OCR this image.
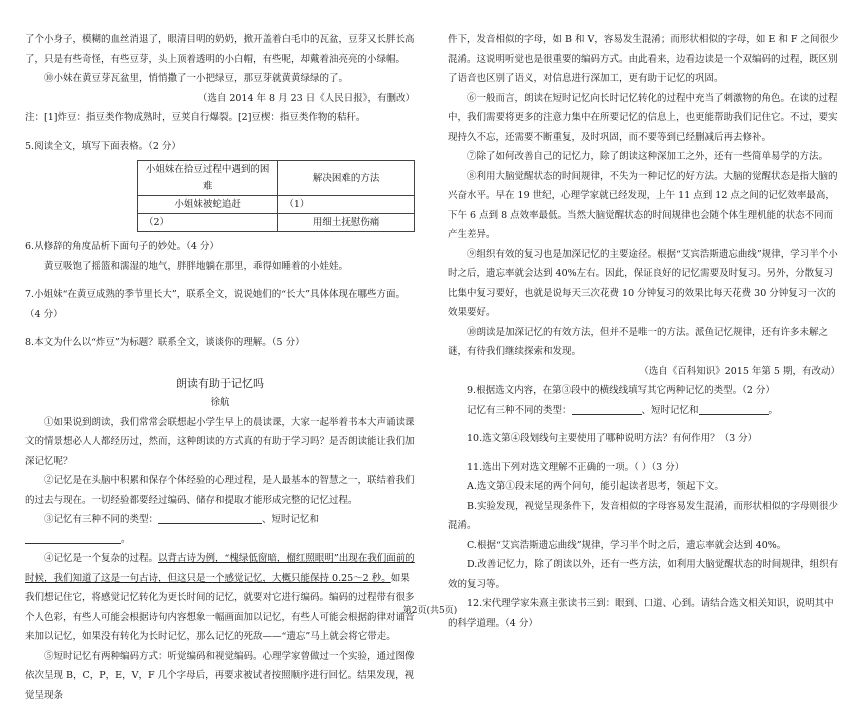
了个小身子，模糊的血丝消退了，眼清目明的奶奶，掀开盖着白毛巾的瓦盆，豆芽又长胖长高了，只是有些奇怪，有些豆芽，头上顶着透明的小白帽，有些呢，却戴着油亮亮的小绿帽。

⑩小妹在黄豆芽瓦盆里，悄悄撒了一小把绿豆，那豆芽就黄黄绿绿的了。

（选自 2014 年 8 月 23 日《人民日报》，有删改）

注：[1]炸豆：指豆类作物成熟时，豆荚自行爆裂。[2]豆楔：指豆类作物的秸秆。

5.阅读全文，填写下面表格。（2 分）

小姐妹在拾豆过程中遇到的困难	解决困难的方法
小姐妹被蛇追赶	（1）
（2）	用细土抚慰伤痛

6.从修辞的角度品析下面句子的妙处。（4 分）

黄豆吸饱了摇篮和濡湿的地气，胖胖地躺在那里，乖得如睡着的小娃娃。

7.小姐妹“在黄豆成熟的季节里长大”，联系全文，说说她们的“长大”具体体现在哪些方面。（4 分）

8.本文为什么以“炸豆”为标题？联系全文，谈谈你的理解。（5 分）

朗读有助于记忆吗

徐航

①如果说到朗读，我们常常会联想起小学生早上的晨读课，大家一起举着书本大声诵读课文的情景想必人人都经历过，然而，这种朗读的方式真的有助于学习吗？是否朗读能让我们加深记忆呢？

②记忆是在头脑中积累和保存个体经验的心理过程，是人最基本的智慧之一，联结着我们的过去与现在。一切经验都要经过编码、储存和提取才能形成完整的记忆过程。

③记忆有三种不同的类型：	、短时记忆和。

④记忆是一个复杂的过程。以背古诗为例，“槐绿低窗暗，榴红照眼明”出现在我们面前的时候，我们知道了这是一句古诗，但这只是一个感觉记忆，大概只能保持 0.25～2 秒。如果我们想记住它，将感觉记忆转化为更长时间的记忆，就要对它进行编码。编码的过程带有很多个人色彩，有些人可能会根据诗句内容想象一幅画面加以记忆，有些人可能会根据韵律对诵音来加以记忆，如果没有转化为长时记忆，那么记忆的死敌——“遗忘”马上就会将它带走。

⑤短时记忆有两种编码方式：听觉编码和视觉编码。心理学家曾做过一个实验，通过图像依次呈现 B，C，P，E，V，F 几个字母后，再要求被试者按照顺序进行回忆。结果发现，视觉呈现条

件下，发音相似的字母，如 B 和 V，容易发生混淆；而形状相似的字母，如 E 和 F 之间很少混淆。这说明听觉也是很重要的编码方式。由此看来，边看边读是一个双编码的过程，既区别了语音也区别了语义，对信息进行深加工，更有助于记忆的巩固。

⑥一般而言，朗读在短时记忆向长时记忆转化的过程中充当了刺激物的角色。在读的过程中，我们需要将更多的注意力集中在所要记忆的信息上，也更能帮助我们记住它。不过，要实现持久不忘，还需要不断重复，及时巩固，而不要等到已经删减后再去修补。

⑦除了如何改善自己的记忆力，除了朗读这种深加工之外，还有一些简单易学的方法。

⑧利用大脑觉醒状态的时间规律，不失为一种记忆的好方法。大脑的觉醒状态是指大脑的兴奋水平。早在 19 世纪，心理学家就已经发现，上午 11 点到 12 点之间的记忆效率最高，下午 6 点到 8 点效率最低。当然大脑觉醒状态的时间规律也会随个体生理机能的状态不同而产生差异。

⑨组织有效的复习也是加深记忆的主要途径。根据“艾宾浩斯遗忘曲线”规律，学习半个小时之后，遗忘率就会达到 40%左右。因此，保证良好的记忆需要及时复习。另外，分散复习比集中复习要好，也就是说每天三次花费 10 分钟复习的效果比每天花费 30 分钟复习一次的效果要好。

⑩朗读是加深记忆的有效方法，但并不是唯一的方法。派鱼记忆规律，还有许多未解之谜，有待我们继续探索和发现。

（选自《百科知识》2015 年第 5 期，有改动）

9.根据选文内容，在第③段中的横线线填写其它两种记忆的类型。（2 分）

记忆有三种不同的类型：	、短时记忆和	。

10.选文第④段划线句主要使用了哪种说明方法？有何作用？（3 分）

11.选出下列对选文理解不正确的一项。（ ）（3 分）

A.选文第①段末尾的两个问句，能引起读者思考，领起下文。

B.实验发现，视觉呈现条件下，发音相似的字母容易发生混淆，而形状相似的字母则很少混淆。

C.根据“艾宾浩斯遗忘曲线”规律，学习半个时之后，遗忘率就会达到 40%。

D.改善记忆力，除了朗读以外，还有一些方法，如利用大脑觉醒状态的时间规律，组织有效的复习等。

12.宋代理学家朱熹主张读书三到：眼到、口道、心到。请结合选文相关知识，说明其中的科学道理。（4 分）

第2页(共5页)
